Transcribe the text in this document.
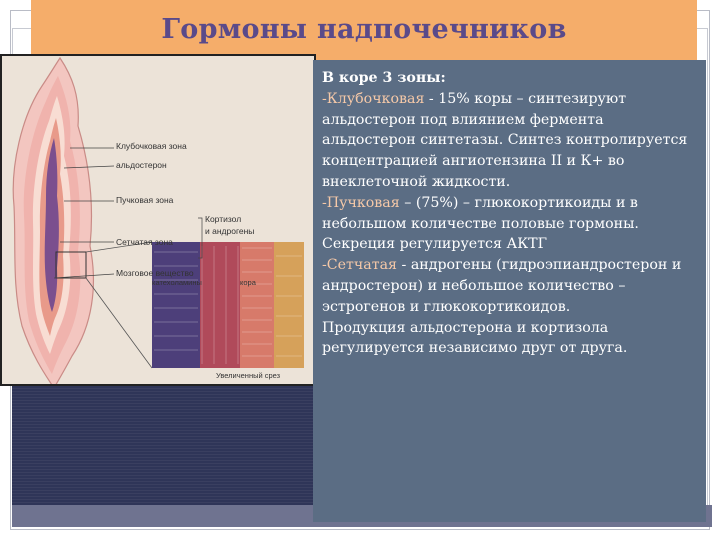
Гормоны надпочечников
Клубочковая зона
альдостерон
Пучковая зона
Кортизол
и андрогены
Сетчатая зона
Мозговое вещество
катехоламины	кора
Увеличенный срез

В коре 3 зоны:

-Клубочковая - 15% коры – синтезируют альдостерон под влиянием фермента альдостерон синтетазы. Синтез контролируется концентрацией ангиотензина II и К+ во внеклеточной жидкости.

-Пучковая – (75%) – глюкокортикоиды и в небольшом количестве половые гормоны. Секреция регулируется АКТГ

-Сетчатая - андрогены (гидроэпиандростерон и андростерон) и небольшое количество – эстрогенов и глюкокортикоидов.

Продукция альдостерона и кортизола регулируется независимо друг от друга.
